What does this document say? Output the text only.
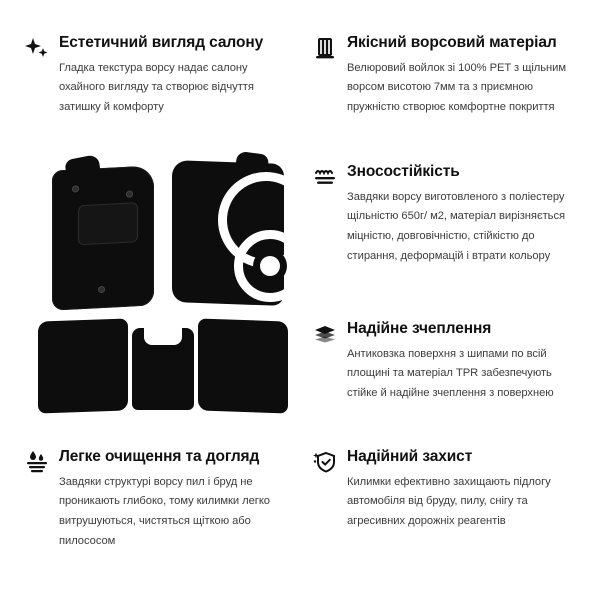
Естетичний вигляд салону

Гладка текстура ворсу надає салону охайного вигляду та створює відчуття затишку й комфорту

Якісний ворсовий матеріал

Велюровий войлок зі 100% PET з щільним ворсом висотою 7мм та з приємною пружністю створює комфортне покриття

Зносостійкість

Завдяки ворсу виготовленого з поліестеру щільністю 650г/ м2, матеріал вирізняється міцністю, довговічністю, стійкістю до стирання, деформацій і втрати кольору

Надійне зчеплення

Антиковзка поверхня з шипами по всій площині та матеріал TPR забезпечують стійке й надійне зчеплення з поверхнею

Легке очищення та догляд

Завдяки структурі ворсу пил і бруд не проникають глибоко, тому килимки легко витрушуються, чистяться щіткою або пилососом

Надійний захист

Килимки ефективно захищають підлогу автомобіля від бруду, пилу, снігу та агресивних дорожніх реагентів
